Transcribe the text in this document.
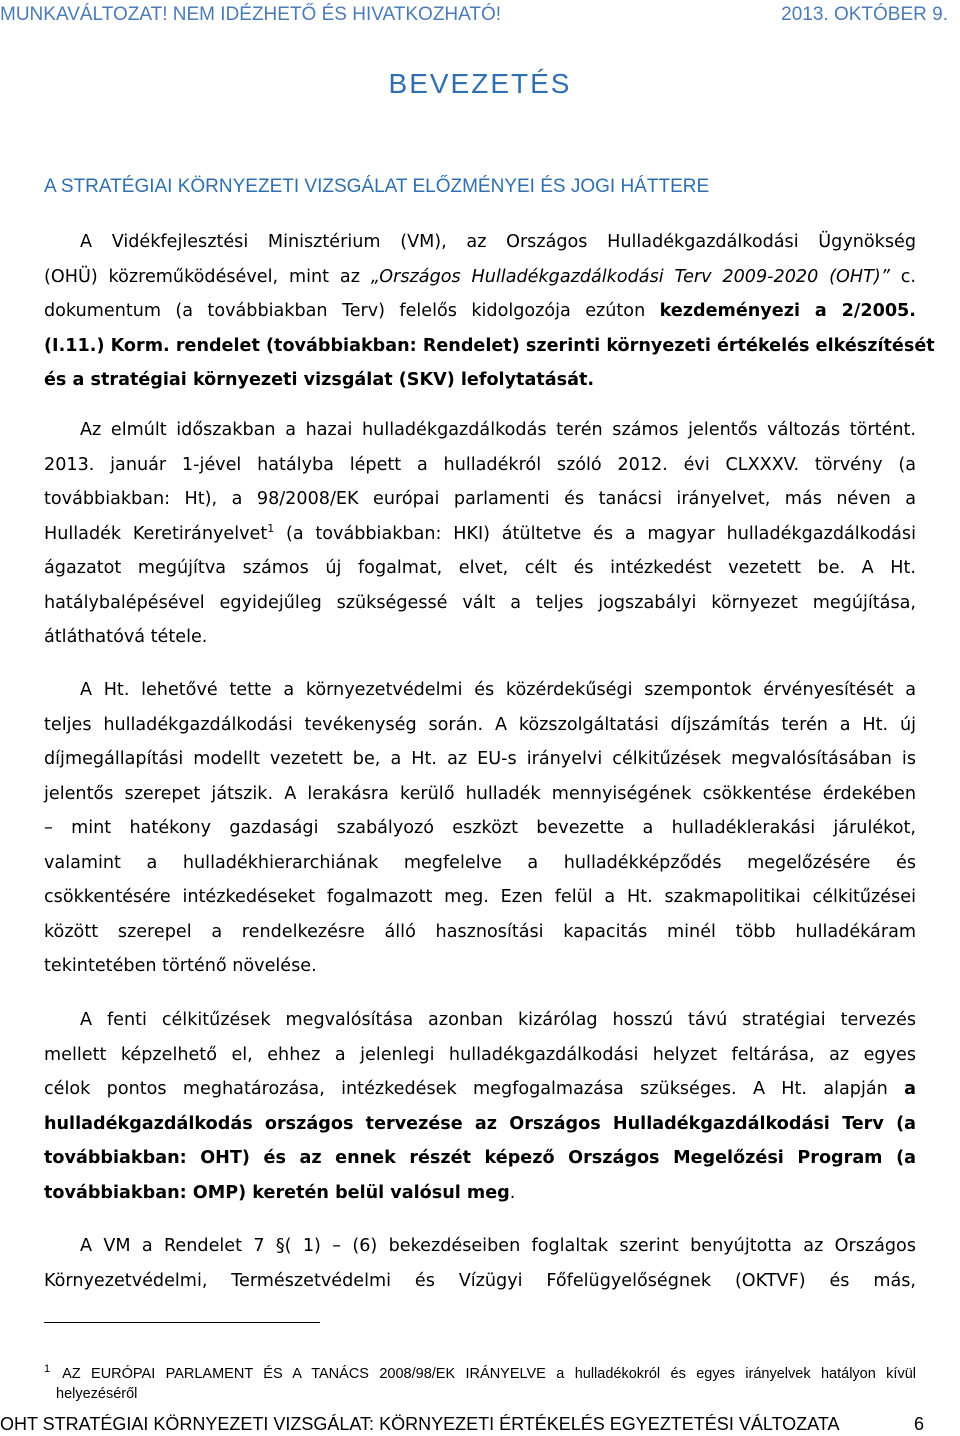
MUNKAVÁLTOZAT! NEM IDÉZHETŐ ÉS HIVATKOZHATÓ!	2013. OKTÓBER 9.
BEVEZETÉS
A STRATÉGIAI KÖRNYEZETI VIZSGÁLAT ELŐZMÉNYEI ÉS JOGI HÁTTERE
A Vidékfejlesztési Minisztérium (VM), az Országos Hulladékgazdálkodási Ügynökség
(OHÜ) közreműködésével, mint az „Országos Hulladékgazdálkodási Terv 2009-2020 (OHT)” c.
dokumentum (a továbbiakban Terv) felelős kidolgozója ezúton kezdeményezi a 2/2005.
(I.11.) Korm. rendelet (továbbiakban: Rendelet) szerinti környezeti értékelés elkészítését
és a stratégiai környezeti vizsgálat (SKV) lefolytatását.
Az elmúlt időszakban a hazai hulladékgazdálkodás terén számos jelentős változás történt.
2013. január 1-jével hatályba lépett a hulladékról szóló 2012. évi CLXXXV. törvény (a
továbbiakban: Ht), a 98/2008/EK európai parlamenti és tanácsi irányelvet, más néven a
Hulladék Keretirányelvet$^1$ (a továbbiakban: HKI) átültetve és a magyar hulladékgazdálkodási
ágazatot megújítva számos új fogalmat, elvet, célt és intézkedést vezetett be. A Ht.
hatálybalépésével egyidejűleg szükségessé vált a teljes jogszabályi környezet megújítása,
átláthatóvá tétele.
A Ht. lehetővé tette a környezetvédelmi és közérdekűségi szempontok érvényesítését a
teljes hulladékgazdálkodási tevékenység során. A közszolgáltatási díjszámítás terén a Ht. új
díjmegállapítási modellt vezetett be, a Ht. az EU-s irányelvi célkitűzések megvalósításában is
jelentős szerepet játszik. A lerakásra kerülő hulladék mennyiségének csökkentése érdekében
– mint hatékony gazdasági szabályozó eszközt bevezette a hulladéklerakási járulékot,
valamint a hulladékhierarchiának megfelelve a hulladékképződés megelőzésére és
csökkentésére intézkedéseket fogalmazott meg. Ezen felül a Ht. szakmapolitikai célkitűzései
között szerepel a rendelkezésre álló hasznosítási kapacitás minél több hulladékáram
tekintetében történő növelése.
A fenti célkitűzések megvalósítása azonban kizárólag hosszú távú stratégiai tervezés
mellett képzelhető el, ehhez a jelenlegi hulladékgazdálkodási helyzet feltárása, az egyes
célok pontos meghatározása, intézkedések megfogalmazása szükséges. A Ht. alapján a
hulladékgazdálkodás országos tervezése az Országos Hulladékgazdálkodási Terv (a
továbbiakban: OHT) és az ennek részét képező Országos Megelőzési Program (a
továbbiakban: OMP) keretén belül valósul meg.
A VM a Rendelet 7 §( 1) – (6) bekezdéseiben foglaltak szerint benyújtotta az Országos
Környezetvédelmi, Természetvédelmi és Vízügyi Főfelügyelőségnek (OKTVF) és más,
$^1$ AZ EURÓPAI PARLAMENT ÉS A TANÁCS 2008/98/EK IRÁNYELVE a hulladékokról és egyes irányelvek hatályon kívül
helyezéséről
OHT STRATÉGIAI KÖRNYEZETI VIZSGÁLAT: KÖRNYEZETI ÉRTÉKELÉS EGYEZTETÉSI VÁLTOZATA	6
